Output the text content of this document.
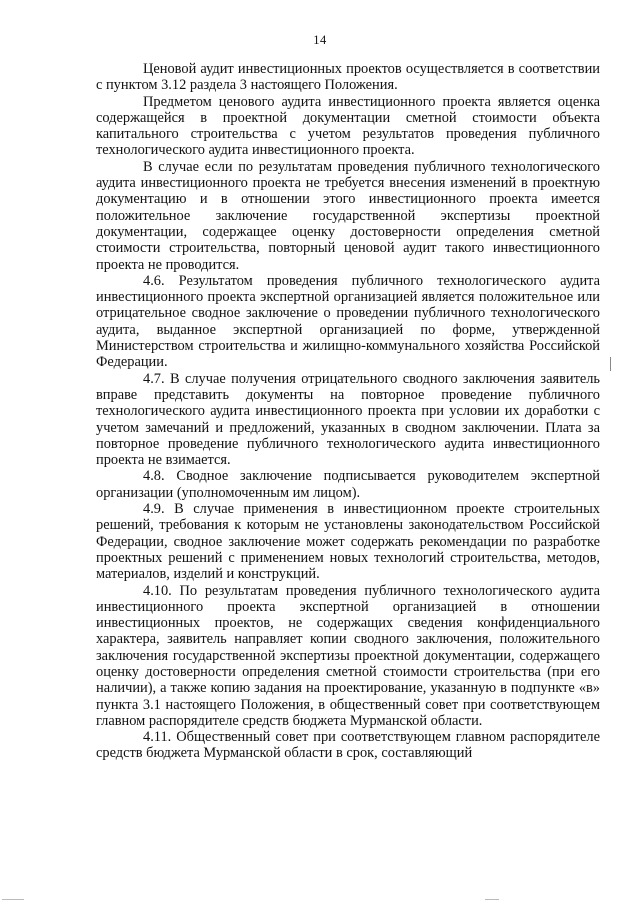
14

Ценовой аудит инвестиционных проектов осуществляется в соответствии с пунктом 3.12 раздела 3 настоящего Положения.

Предметом ценового аудита инвестиционного проекта является оценка содержащейся в проектной документации сметной стоимости объекта капитального строительства с учетом результатов проведения публичного технологического аудита инвестиционного проекта.

В случае если по результатам проведения публичного технологического аудита инвестиционного проекта не требуется внесения изменений в проектную документацию и в отношении этого инвестиционного проекта имеется положительное заключение государственной экспертизы проектной документации, содержащее оценку достоверности определения сметной стоимости строительства, повторный ценовой аудит такого инвестиционного проекта не проводится.

4.6. Результатом проведения публичного технологического аудита инвестиционного проекта экспертной организацией является положительное или отрицательное сводное заключение о проведении публичного технологического аудита, выданное экспертной организацией по форме, утвержденной Министерством строительства и жилищно-коммунального хозяйства Российской Федерации.

4.7. В случае получения отрицательного сводного заключения заявитель вправе представить документы на повторное проведение публичного технологического аудита инвестиционного проекта при условии их доработки с учетом замечаний и предложений, указанных в сводном заключении. Плата за повторное проведение публичного технологического аудита инвестиционного проекта не взимается.

4.8. Сводное заключение подписывается руководителем экспертной организации (уполномоченным им лицом).

4.9. В случае применения в инвестиционном проекте строительных решений, требования к которым не установлены законодательством Российской Федерации, сводное заключение может содержать рекомендации по разработке проектных решений с применением новых технологий строительства, методов, материалов, изделий и конструкций.

4.10. По результатам проведения публичного технологического аудита инвестиционного проекта экспертной организацией в отношении инвестиционных проектов, не содержащих сведения конфиденциального характера, заявитель направляет копии сводного заключения, положительного заключения государственной экспертизы проектной документации, содержащего оценку достоверности определения сметной стоимости строительства (при его наличии), а также копию задания на проектирование, указанную в подпункте «в» пункта 3.1 настоящего Положения, в общественный совет при соответствующем главном распорядителе средств бюджета Мурманской области.

4.11. Общественный совет при соответствующем главном распорядителе средств бюджета Мурманской области в срок, составляющий
